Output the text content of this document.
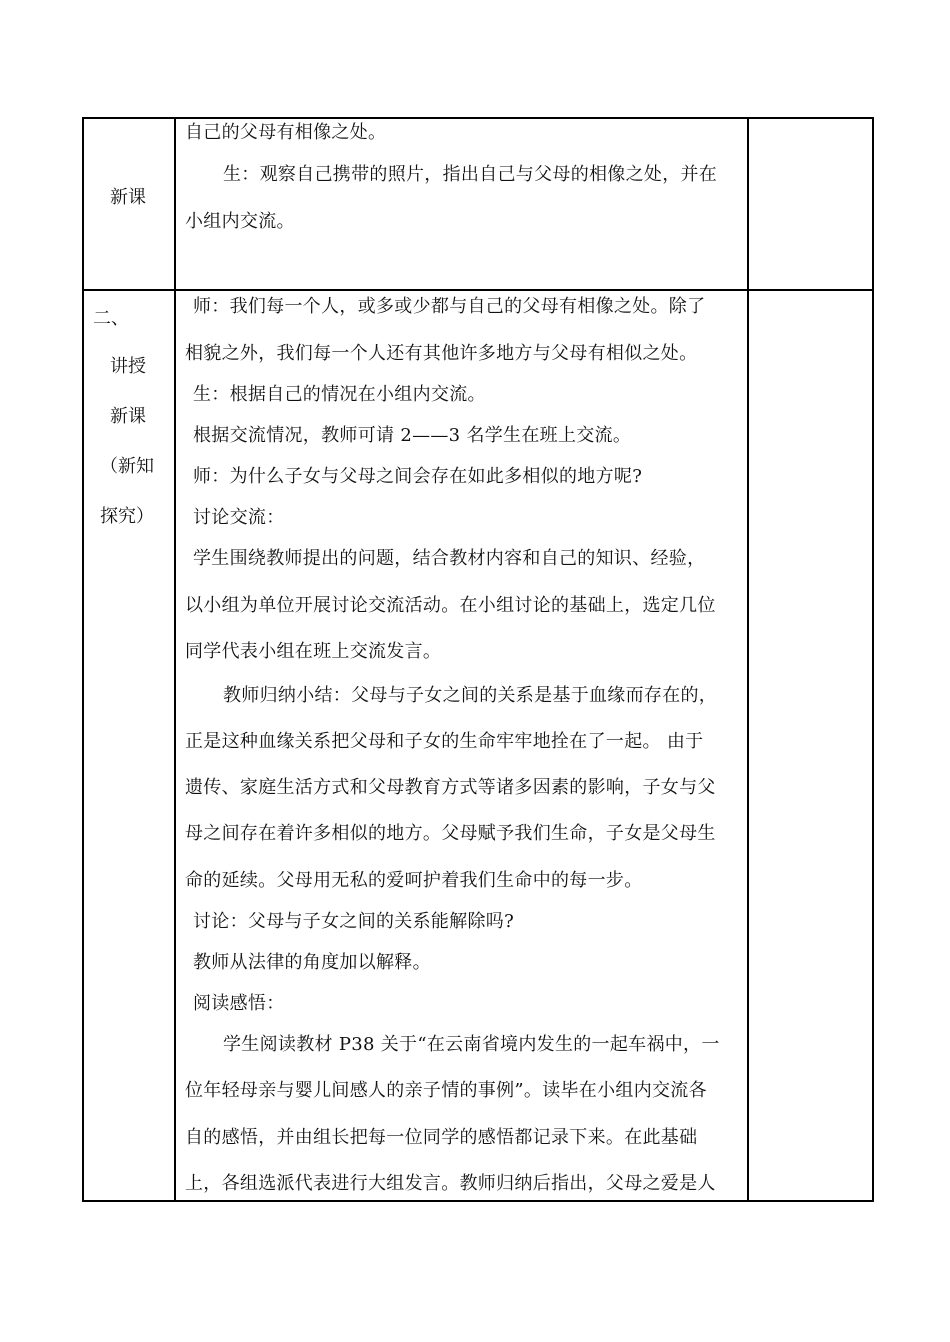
新课
自己的父母有相像之处。
生：观察自己携带的照片，指出自己与父母的相像之处，并在
小组内交流。
二、
讲授
新课
（新知
探究）
师：我们每一个人，或多或少都与自己的父母有相像之处。除了
相貌之外，我们每一个人还有其他许多地方与父母有相似之处。
生：根据自己的情况在小组内交流。
根据交流情况，教师可请 2——3 名学生在班上交流。
师：为什么子女与父母之间会存在如此多相似的地方呢?
讨论交流：
学生围绕教师提出的问题，结合教材内容和自己的知识、经验，
以小组为单位开展讨论交流活动。在小组讨论的基础上，选定几位
同学代表小组在班上交流发言。
教师归纳小结：父母与子女之间的关系是基于血缘而存在的，
正是这种血缘关系把父母和子女的生命牢牢地拴在了一起。 由于
遗传、家庭生活方式和父母教育方式等诸多因素的影响，子女与父
母之间存在着许多相似的地方。父母赋予我们生命，子女是父母生
命的延续。父母用无私的爱呵护着我们生命中的每一步。
讨论：父母与子女之间的关系能解除吗?
教师从法律的角度加以解释。
阅读感悟：
学生阅读教材 P38 关于“在云南省境内发生的一起车祸中，一
位年轻母亲与婴儿间感人的亲子情的事例”。读毕在小组内交流各
自的感悟，并由组长把每一位同学的感悟都记录下来。在此基础
上，各组选派代表进行大组发言。教师归纳后指出，父母之爱是人
